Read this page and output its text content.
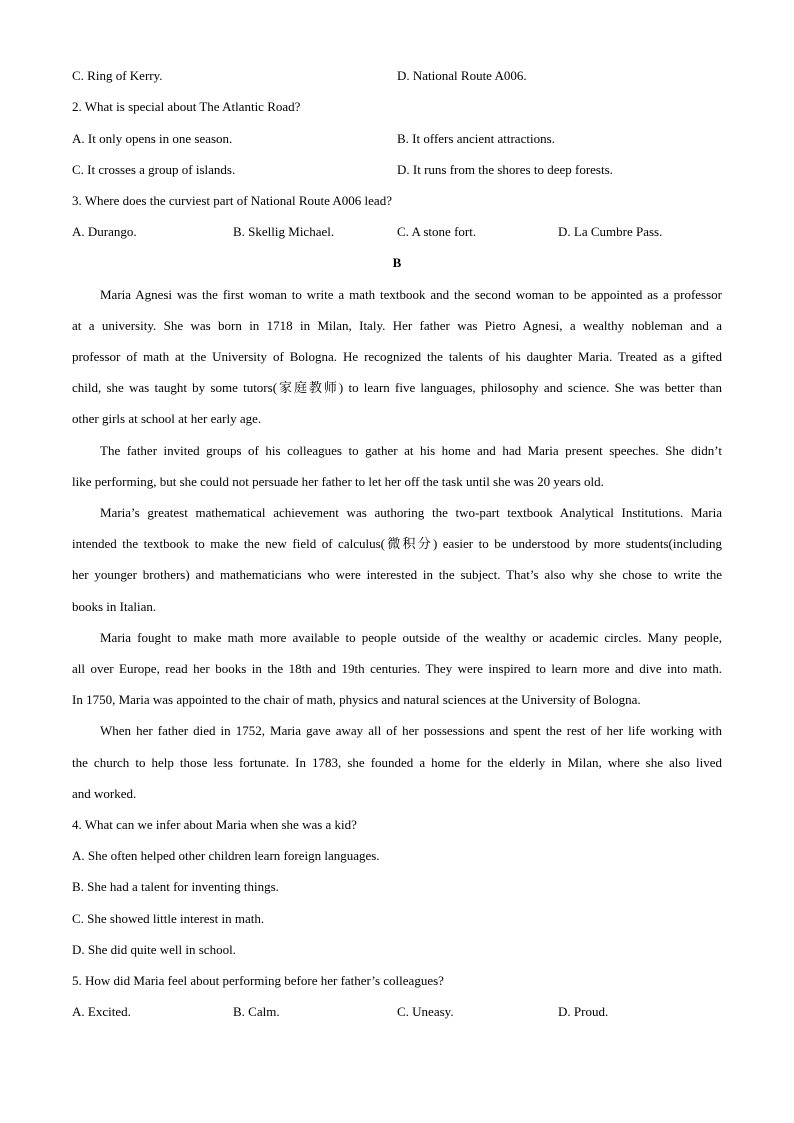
C. Ring of Kerry.	D. National Route A006.
2. What is special about The Atlantic Road?
A. It only opens in one season.	B. It offers ancient attractions.
C. It crosses a group of islands.	D. It runs from the shores to deep forests.
3. Where does the curviest part of National Route A006 lead?
A. Durango.	B. Skellig Michael.	C. A stone fort.	D. La Cumbre Pass.
B
Maria Agnesi was the first woman to write a math textbook and the second woman to be appointed as a professor
at a university. She was born in 1718 in Milan, Italy. Her father was Pietro Agnesi, a wealthy nobleman and a
professor of math at the University of Bologna. He recognized the talents of his daughter Maria. Treated as a gifted
child, she was taught by some tutors(家庭教师) to learn five languages, philosophy and science. She was better than
other girls at school at her early age.
The father invited groups of his colleagues to gather at his home and had Maria present speeches. She didn’t
like performing, but she could not persuade her father to let her off the task until she was 20 years old.
Maria’s greatest mathematical achievement was authoring the two-part textbook Analytical Institutions. Maria
intended the textbook to make the new field of calculus(微积分) easier to be understood by more students(including
her younger brothers) and mathematicians who were interested in the subject. That’s also why she chose to write the
books in Italian.
Maria fought to make math more available to people outside of the wealthy or academic circles. Many people,
all over Europe, read her books in the 18th and 19th centuries. They were inspired to learn more and dive into math.
In 1750, Maria was appointed to the chair of math, physics and natural sciences at the University of Bologna.
When her father died in 1752, Maria gave away all of her possessions and spent the rest of her life working with
the church to help those less fortunate. In 1783, she founded a home for the elderly in Milan, where she also lived
and worked.
4. What can we infer about Maria when she was a kid?
A. She often helped other children learn foreign languages.
B. She had a talent for inventing things.
C. She showed little interest in math.
D. She did quite well in school.
5. How did Maria feel about performing before her father’s colleagues?
A. Excited.	B. Calm.	C. Uneasy.	D. Proud.
